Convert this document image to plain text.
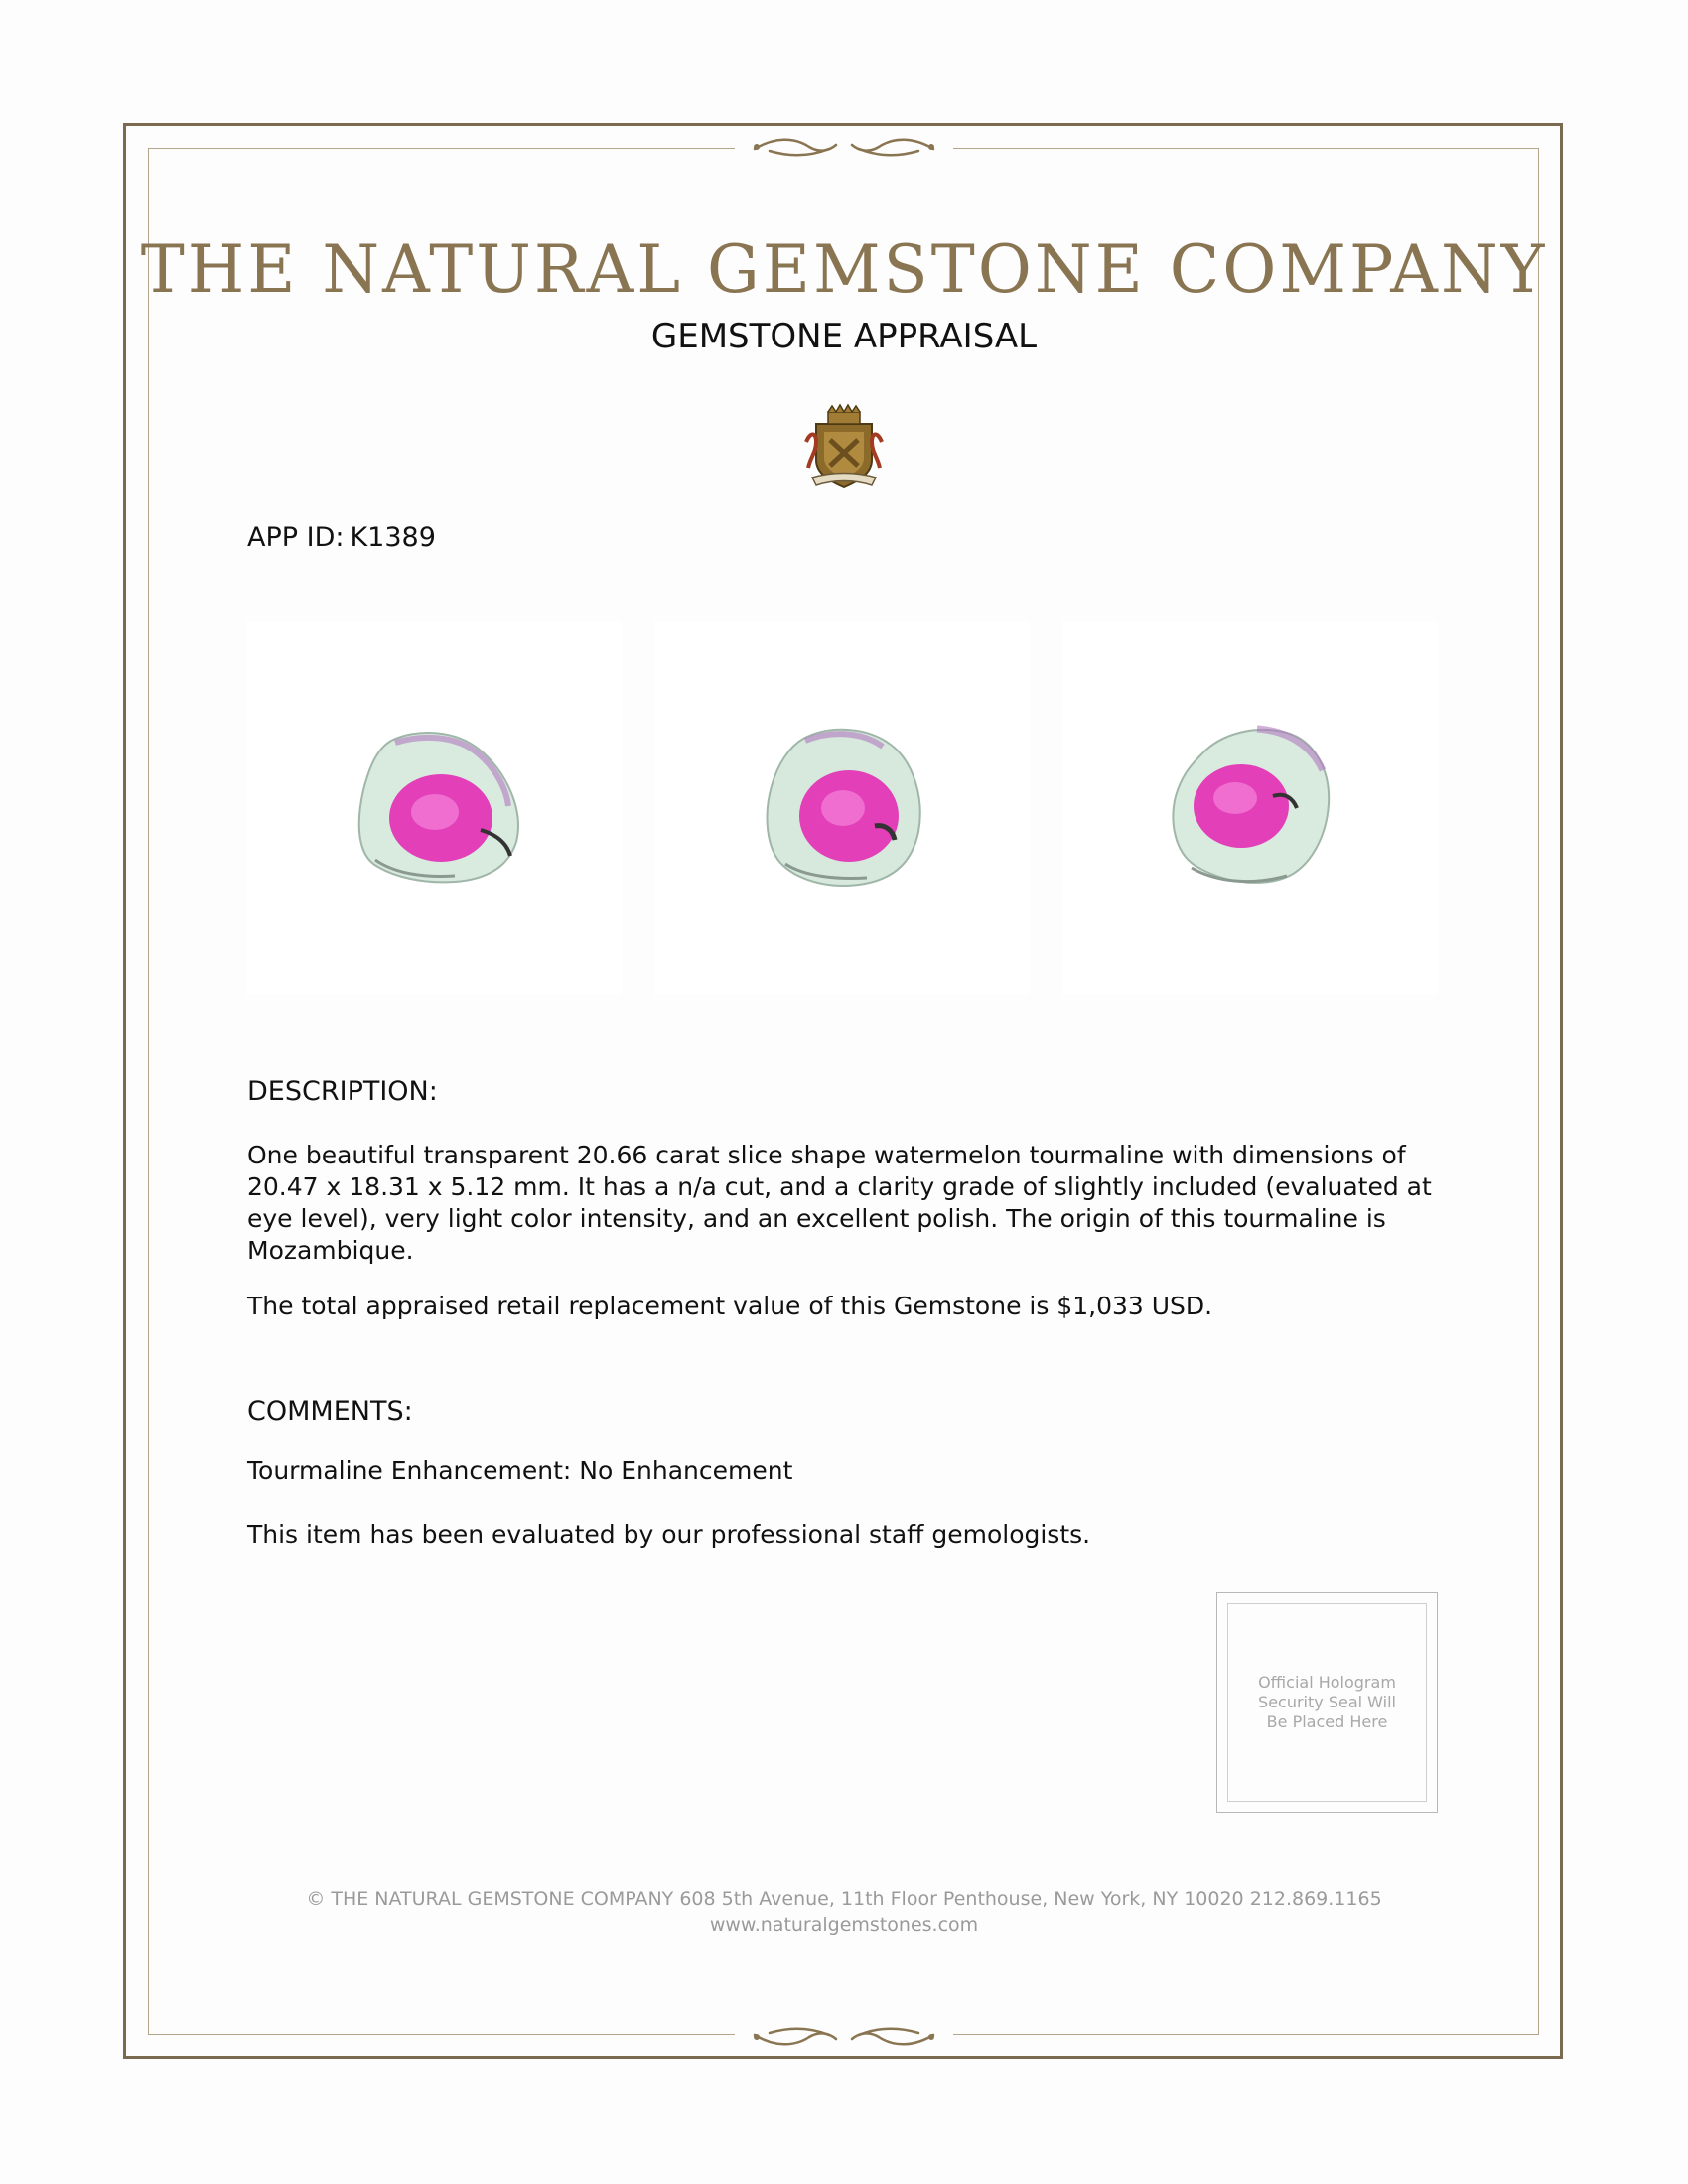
THE NATURAL GEMSTONE COMPANY
GEMSTONE APPRAISAL
APP ID: K1389
DESCRIPTION:
One beautiful transparent 20.66 carat slice shape watermelon tourmaline with dimensions of 20.47 x 18.31 x 5.12 mm. It has a n/a cut, and a clarity grade of slightly included (evaluated at eye level), very light color intensity, and an excellent polish. The origin of this tourmaline is Mozambique.
The total appraised retail replacement value of this Gemstone is $1,033 USD.
COMMENTS:
Tourmaline Enhancement: No Enhancement
This item has been evaluated by our professional staff gemologists.
Official Hologram Security Seal Will Be Placed Here
© THE NATURAL GEMSTONE COMPANY 608 5th Avenue, 11th Floor Penthouse, New York, NY 10020 212.869.1165
www.naturalgemstones.com
